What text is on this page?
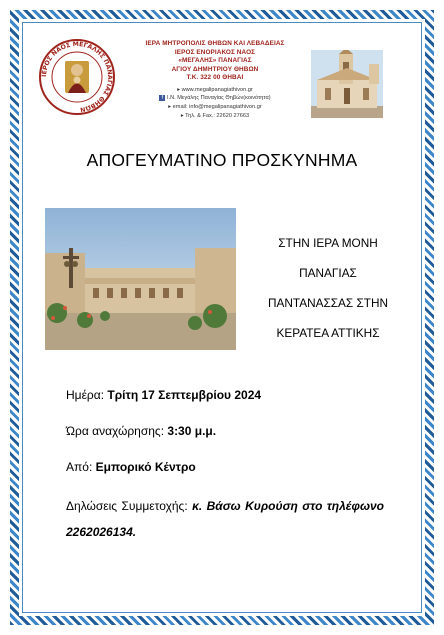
ΙΕΡΟΣ ΝΑΟΣ ΜΕΓΑΛΗΣ ΠΑΝΑΓΙΑΣ ΘΗΒΩΝ
ΙΕΡΑ ΜΗΤΡΟΠΟΛΙΣ ΘΗΒΩΝ ΚΑΙ ΛΕΒΑΔΕΙΑΣ
ΙΕΡΟΣ ΕΝΟΡΙΑΚΟΣ ΝΑΟΣ
«ΜΕΓΑΛΗΣ» ΠΑΝΑΓΙΑΣ
ΑΓΙΟΥ ΔΗΜΗΤΡΙΟΥ ΘΗΒΩΝ
Τ.Κ. 322 00 ΘΗΒΑΙ
▸ www.megalipanagiathivon.gr
f Ι.Ν. Μεγάλης Παναγίας Θηβών(κοινότητα)
▸ email: info@megalipanagiathivon.gr
▸ Τηλ. & Fax.: 22620 27663
ΑΠΟΓΕΥΜΑΤΙΝΟ ΠΡΟΣΚΥΝΗΜΑ
ΣΤΗΝ ΙΕΡΑ ΜΟΝΗ
ΠΑΝΑΓΙΑΣ
ΠΑΝΤΑΝΑΣΣΑΣ ΣΤΗΝ
ΚΕΡΑΤΕΑ ΑΤΤΙΚΗΣ
Ημέρα: Τρίτη 17 Σεπτεμβρίου 2024
Ώρα αναχώρησης: 3:30 μ.μ.
Από: Εμπορικό Κέντρο
Δηλώσεις Συμμετοχής: κ. Βάσω Κυρούση στο τηλέφωνο 2262026134.
